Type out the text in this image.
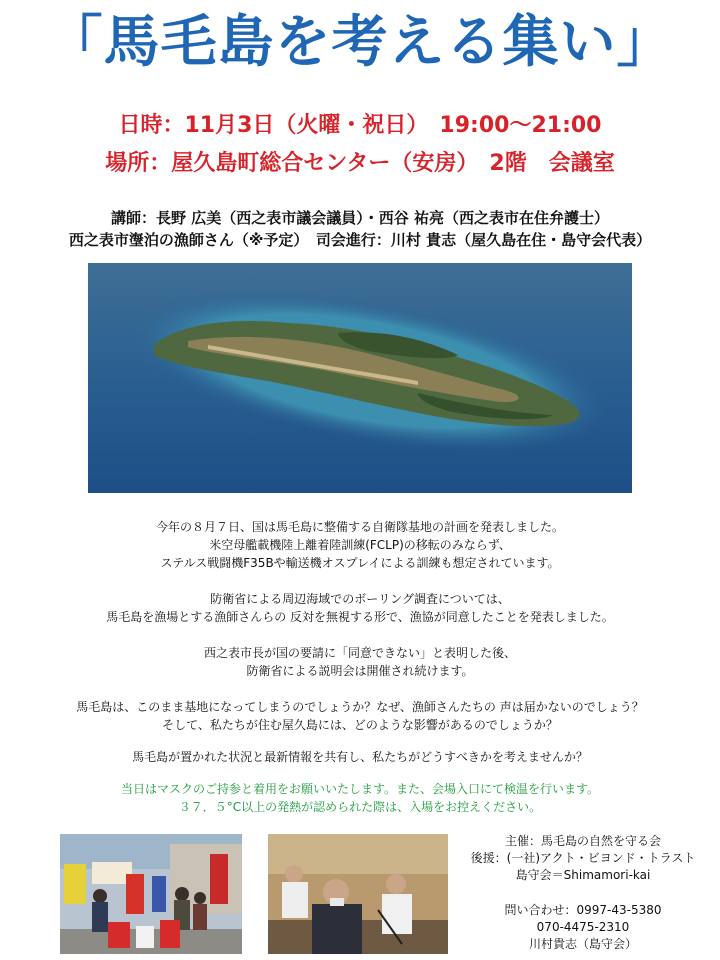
「馬毛島を考える集い」
日時：11月3日（火曜・祝日）　19:00～21:00
場所：屋久島町総合センター（安房）　2階　会議室
講師：長野 広美（西之表市議会議員）・西谷 祐亮（西之表市在住弁護士）
西之表市塰泊の漁師さん（※予定）　司会進行：川村 貴志（屋久島在住・島守会代表）
今年の８月７日、国は馬毛島に整備する自衛隊基地の計画を発表しました。
米空母艦載機陸上離着陸訓練(FCLP)の移転のみならず、
ステルス戦闘機F35Bや輸送機オスプレイによる訓練も想定されています。
防衛省による周辺海域でのボーリング調査については、
馬毛島を漁場とする漁師さんらの 反対を無視する形で、漁協が同意したことを発表しました。
西之表市長が国の要請に「同意できない」と表明した後、
防衛省による説明会は開催され続けます。
馬毛島は、このまま基地になってしまうのでしょうか？なぜ、漁師さんたちの 声は届かないのでしょう？
そして、私たちが住む屋久島には、どのような影響があるのでしょうか？
馬毛島が置かれた状況と最新情報を共有し、私たちがどうすべきかを考えませんか？
当日はマスクのご持参と着用をお願いいたします。また、会場入口にて検温を行います。
３７．５°C以上の発熱が認められた際は、入場をお控えください。
主催：馬毛島の自然を守る会
後援：(一社)アクト・ビヨンド・トラスト
島守会＝Shimamori-kai
問い合わせ：0997-43-5380
070-4475-2310
川村貴志（島守会）
